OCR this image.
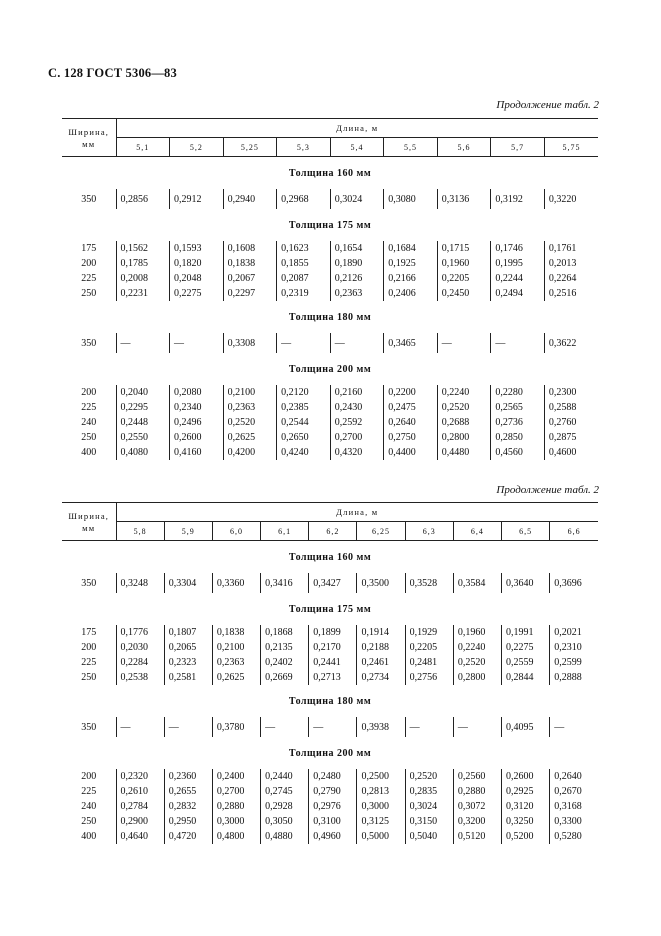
С. 128 ГОСТ 5306—83
Продолжение табл. 2
Ширина,
мм	Длина, м								
	5,1	5,2	5,25	5,3	5,4	5,5	5,6	5,7	5,75
Толщина 160 мм									
350	0,2856	0,2912	0,2940	0,2968	0,3024	0,3080	0,3136	0,3192	0,3220
Толщина 175 мм									
175	0,1562	0,1593	0,1608	0,1623	0,1654	0,1684	0,1715	0,1746	0,1761
200	0,1785	0,1820	0,1838	0,1855	0,1890	0,1925	0,1960	0,1995	0,2013
225	0,2008	0,2048	0,2067	0,2087	0,2126	0,2166	0,2205	0,2244	0,2264
250	0,2231	0,2275	0,2297	0,2319	0,2363	0,2406	0,2450	0,2494	0,2516
Толщина 180 мм									
350	—	—	0,3308	—	—	0,3465	—	—	0,3622
Толщина 200 мм									
200	0,2040	0,2080	0,2100	0,2120	0,2160	0,2200	0,2240	0,2280	0,2300
225	0,2295	0,2340	0,2363	0,2385	0,2430	0,2475	0,2520	0,2565	0,2588
240	0,2448	0,2496	0,2520	0,2544	0,2592	0,2640	0,2688	0,2736	0,2760
250	0,2550	0,2600	0,2625	0,2650	0,2700	0,2750	0,2800	0,2850	0,2875
400	0,4080	0,4160	0,4200	0,4240	0,4320	0,4400	0,4480	0,4560	0,4600
Продолжение табл. 2
Ширина,
мм	Длина, м									
	5,8	5,9	6,0	6,1	6,2	6,25	6,3	6,4	6,5	6,6
Толщина 160 мм										
350	0,3248	0,3304	0,3360	0,3416	0,3427	0,3500	0,3528	0,3584	0,3640	0,3696
Толщина 175 мм										
175	0,1776	0,1807	0,1838	0,1868	0,1899	0,1914	0,1929	0,1960	0,1991	0,2021
200	0,2030	0,2065	0,2100	0,2135	0,2170	0,2188	0,2205	0,2240	0,2275	0,2310
225	0,2284	0,2323	0,2363	0,2402	0,2441	0,2461	0,2481	0,2520	0,2559	0,2599
250	0,2538	0,2581	0,2625	0,2669	0,2713	0,2734	0,2756	0,2800	0,2844	0,2888
Толщина 180 мм										
350	—	—	0,3780	—	—	0,3938	—	—	0,4095	—
Толщина 200 мм										
200	0,2320	0,2360	0,2400	0,2440	0,2480	0,2500	0,2520	0,2560	0,2600	0,2640
225	0,2610	0,2655	0,2700	0,2745	0,2790	0,2813	0,2835	0,2880	0,2925	0,2670
240	0,2784	0,2832	0,2880	0,2928	0,2976	0,3000	0,3024	0,3072	0,3120	0,3168
250	0,2900	0,2950	0,3000	0,3050	0,3100	0,3125	0,3150	0,3200	0,3250	0,3300
400	0,4640	0,4720	0,4800	0,4880	0,4960	0,5000	0,5040	0,5120	0,5200	0,5280
